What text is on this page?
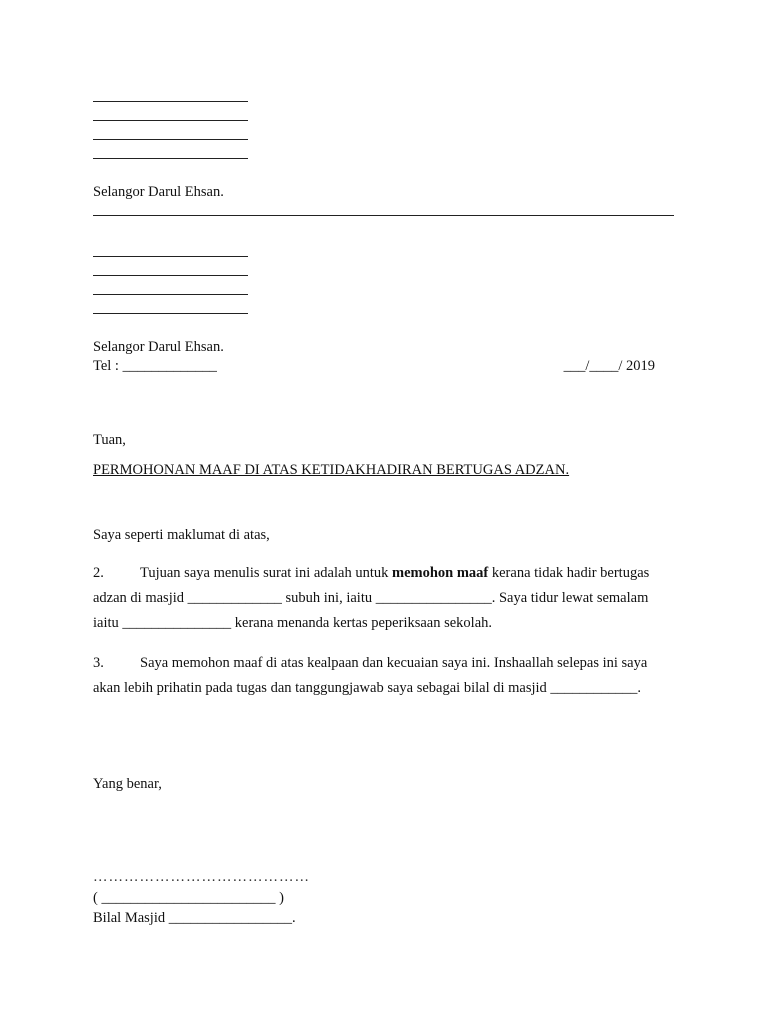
Selangor Darul Ehsan.
Selangor Darul Ehsan.
Tel : _____________	___/____/ 2019
Tuan,
PERMOHONAN MAAF DI ATAS KETIDAKHADIRAN BERTUGAS ADZAN.
Saya seperti maklumat di atas,
2. Tujuan saya menulis surat ini adalah untuk memohon maaf kerana tidak hadir bertugas adzan di masjid _____________ subuh ini, iaitu ________________. Saya tidur lewat semalam iaitu _______________ kerana menanda kertas peperiksaan sekolah.
3. Saya memohon maaf di atas kealpaan dan kecuaian saya ini. Inshaallah selepas ini saya akan lebih prihatin pada tugas dan tanggungjawab saya sebagai bilal di masjid ____________.
Yang benar,
……………………………………
( ________________________ )
Bilal Masjid _________________.
